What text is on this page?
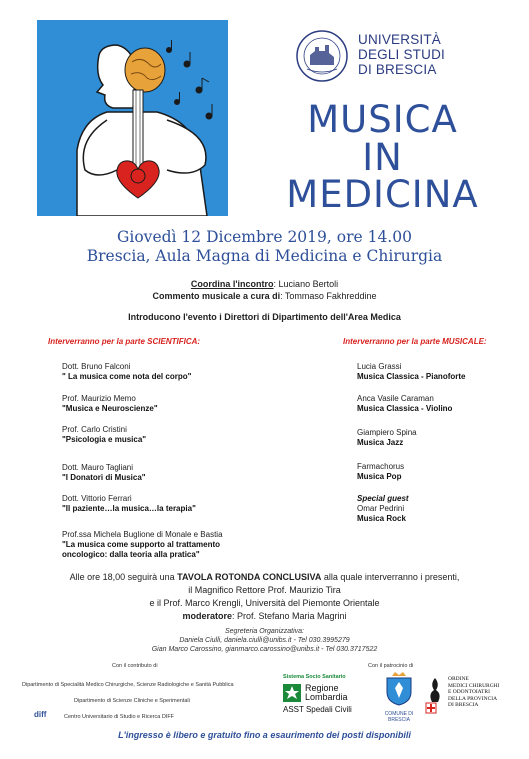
UNIVERSITÀ
DEGLI STUDI
DI BRESCIA
MUSICA
IN
MEDICINA
Giovedì 12 Dicembre 2019, ore 14.00
Brescia, Aula Magna di Medicina e Chirurgia
Coordina l'incontro: Luciano Bertoli
Commento musicale a cura di: Tommaso Fakhreddine
Introducono l'evento i Direttori di Dipartimento dell'Area Medica
Interverranno per la parte SCIENTIFICA:	Interverranno per la parte MUSICALE:
Dott. Bruno Falconi
" La musica come nota del corpo"
Prof. Maurizio Memo
"Musica e Neuroscienze"
Prof. Carlo Cristini
"Psicologia e musica"
Dott. Mauro Tagliani
"I Donatori di Musica"
Dott. Vittorio Ferrari
"Il paziente…la musica…la terapia"
Prof.ssa Michela Buglione di Monale e Bastia
"La musica come supporto al trattamento
oncologico: dalla teoria alla pratica"
Lucia Grassi
Musica Classica - Pianoforte
Anca Vasile Caraman
Musica Classica - Violino
Giampiero Spina
Musica Jazz
Farmachorus
Musica Pop
Special guest
Omar Pedrini
Musica Rock
Alle ore 18,00 seguirà una TAVOLA ROTONDA CONCLUSIVA alla quale interverranno i presenti,
il Magnifico Rettore Prof. Maurizio Tira
e il Prof. Marco Krengli, Università del Piemonte Orientale
moderatore: Prof. Stefano Maria Magrini
Segreteria Organizzativa:
Daniela Ciulli, daniela.ciulli@unibs.it - Tel 030.3995279
Gian Marco Carossino, gianmarco.carossino@unibs.it - Tel 030.3717522
Con il contributo di
Dipartimento di Specialità Medico Chirurgiche, Scienze Radiologiche e Sanità Pubblica
Dipartimento di Scienze Cliniche e Sperimentali
diff	Centro Universitario di Studio e Ricerca DIFF
Con il patrocinio di
Sistema Socio Sanitario
Regione
Lombardia
ASST Spedali Civili	COMUNE DI
BRESCIA
ORDINE
MEDICI CHIRURGHI
E ODONTOIATRI
DELLA PROVINCIA
DI BRESCIA
L'ingresso è libero e gratuito fino a esaurimento dei posti disponibili
